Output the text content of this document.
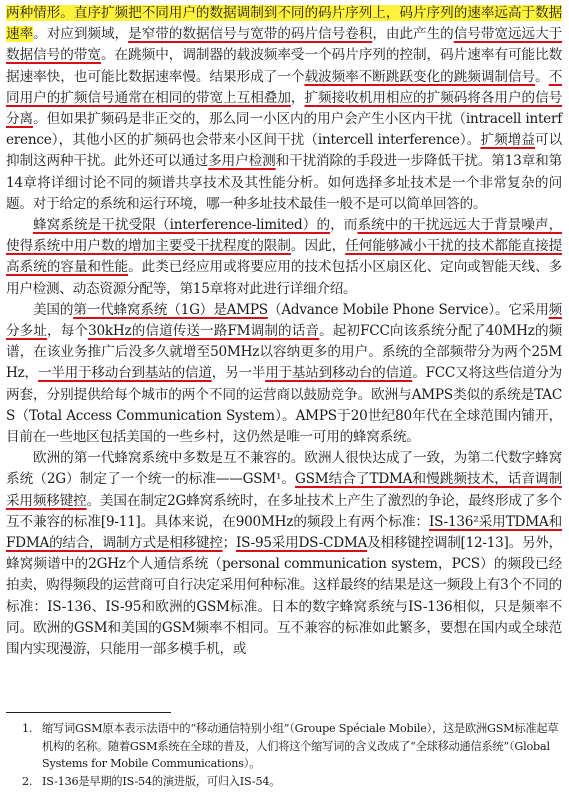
两种情形。直序扩频把不同用户的数据调制到不同的码片序列上，码片序列的速率远高于数据速率。对应到频域，是窄带的数据信号与宽带的码片信号卷积，由此产生的信号带宽远远大于数据信号的带宽。在跳频中，调制器的载波频率受一个码片序列的控制，码片速率有可能比数据速率快，也可能比数据速率慢。结果形成了一个载波频率不断跳跃变化的跳频调制信号。不同用户的扩频信号通常在相同的带宽上互相叠加，扩频接收机用相应的扩频码将各用户的信号分离。但如果扩频码是非正交的，那么同一小区内的用户会产生小区内干扰（intracell interference），其他小区的扩频码也会带来小区间干扰（intercell interference）。扩频增益可以抑制这两种干扰。此外还可以通过多用户检测和干扰消除的手段进一步降低干扰。第13章和第14章将详细讨论不同的频谱共享技术及其性能分析。如何选择多址技术是一个非常复杂的问题。对于给定的系统和运行环境，哪一种多址技术最佳一般不是可以简单回答的。

蜂窝系统是干扰受限（interference-limited）的，而系统中的干扰远远大于背景噪声，使得系统中用户数的增加主要受干扰程度的限制。因此，任何能够减小干扰的技术都能直接提高系统的容量和性能。此类已经应用或将要应用的技术包括小区扇区化、定向或智能天线、多用户检测、动态资源分配等，第15章将对此进行详细介绍。

美国的第一代蜂窝系统（1G）是AMPS（Advance Mobile Phone Service）。它采用频分多址，每个30kHz的信道传送一路FM调制的话音。起初FCC向该系统分配了40MHz的频谱，在该业务推广后没多久就增至50MHz以容纳更多的用户。系统的全部频带分为两个25MHz，一半用于移动台到基站的信道，另一半用于基站到移动台的信道。FCC又将这些信道分为两套，分别提供给每个城市的两个不同的运营商以鼓励竞争。欧洲与AMPS类似的系统是TACS（Total Access Communication System）。AMPS于20世纪80年代在全球范围内铺开，目前在一些地区包括美国的一些乡村，这仍然是唯一可用的蜂窝系统。

欧洲的第一代蜂窝系统中多数是互不兼容的。欧洲人很快达成了一致，为第二代数字蜂窝系统（2G）制定了一个统一的标准——GSM¹。GSM结合了TDMA和慢跳频技术，话音调制采用频移键控。美国在制定2G蜂窝系统时，在多址技术上产生了激烈的争论，最终形成了多个互不兼容的标准[9-11]。具体来说，在900MHz的频段上有两个标准：IS-136²采用TDMA和FDMA的结合，调制方式是相移键控；IS-95采用DS-CDMA及相移键控调制[12-13]。另外，蜂窝频谱中的2GHz个人通信系统（personal communication system，PCS）的频段已经拍卖，购得频段的运营商可自行决定采用何种标准。这样最终的结果是这一频段上有3个不同的标准：IS-136、IS-95和欧洲的GSM标准。日本的数字蜂窝系统与IS-136相似，只是频率不同。欧洲的GSM和美国的GSM频率不相同。互不兼容的标准如此繁多，要想在国内或全球范围内实现漫游，只能用一部多模手机，或

1. 缩写词GSM原本表示法语中的“移动通信特别小组”（Groupe Spéciale Mobile），这是欧洲GSM标准起草机构的名称。随着GSM系统在全球的普及，人们将这个缩写词的含义改成了“全球移动通信系统”（Global Systems for Mobile Communications）。
2. IS-136是早期的IS-54的演进版，可归入IS-54。
